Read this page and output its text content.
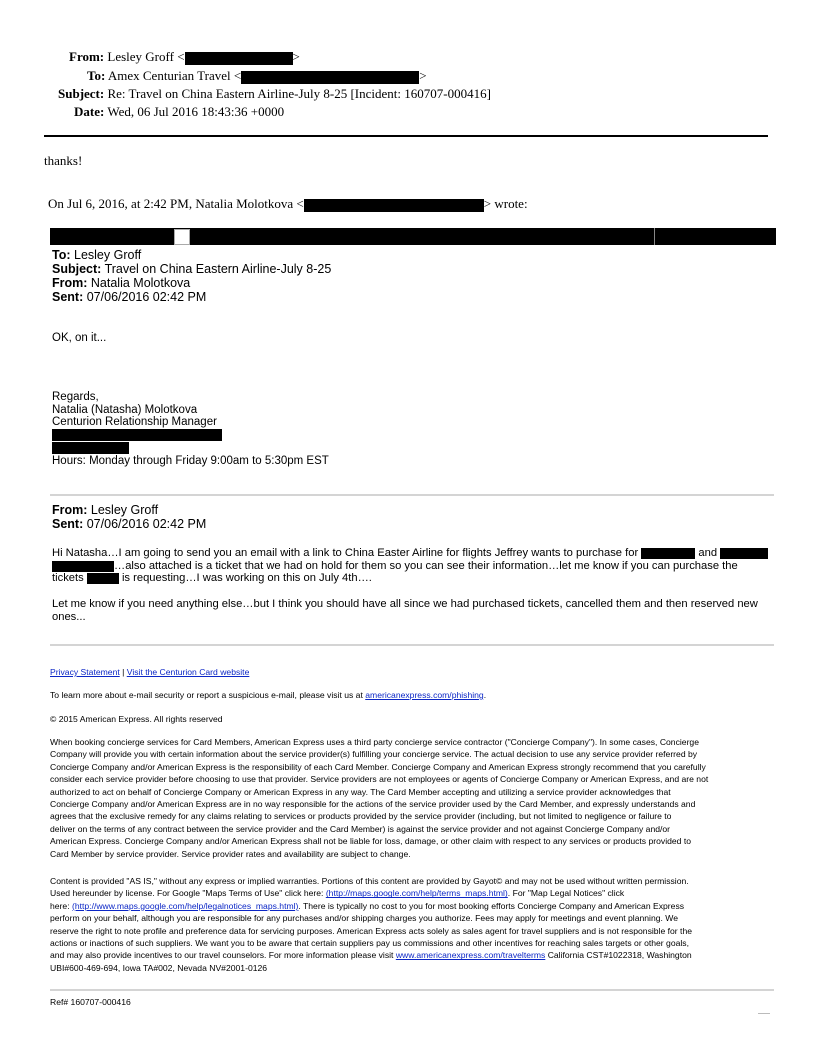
From: Lesley Groff <	>
To: Amex Centurian Travel <	>
Subject: Re: Travel on China Eastern Airline-July 8-25 [Incident: 160707-000416]
Date: Wed, 06 Jul 2016 18:43:36 +0000
thanks!
On Jul 6, 2016, at 2:42 PM, Natalia Molotkova <	> wrote:
To: Lesley Groff
Subject: Travel on China Eastern Airline-July 8-25
From: Natalia Molotkova
Sent: 07/06/2016 02:42 PM
OK, on it...
Regards,
Natalia (Natasha) Molotkova
Centurion Relationship Manager
Hours: Monday through Friday 9:00am to 5:30pm EST
From: Lesley Groff
Sent: 07/06/2016 02:42 PM
Hi Natasha…I am going to send you an email with a link to China Easter Airline for flights Jeffrey wants to purchase for	and
…also attached is a ticket that we had on hold for them so you can see their information…let me know if you can purchase the
tickets	is requesting…I was working on this on July 4th….
Let me know if you need anything else…but I think you should have all since we had purchased tickets, cancelled them and then reserved new
ones...
Privacy Statement | Visit the Centurion Card website
To learn more about e-mail security or report a suspicious e-mail, please visit us at americanexpress.com/phishing.
© 2015 American Express. All rights reserved
When booking concierge services for Card Members, American Express uses a third party concierge service contractor ("Concierge Company"). In some cases, Concierge
Company will provide you with certain information about the service provider(s) fulfilling your concierge service. The actual decision to use any service provider referred by
Concierge Company and/or American Express is the responsibility of each Card Member. Concierge Company and American Express strongly recommend that you carefully
consider each service provider before choosing to use that provider. Service providers are not employees or agents of Concierge Company or American Express, and are not
authorized to act on behalf of Concierge Company or American Express in any way. The Card Member accepting and utilizing a service provider acknowledges that
Concierge Company and/or American Express are in no way responsible for the actions of the service provider used by the Card Member, and expressly understands and
agrees that the exclusive remedy for any claims relating to services or products provided by the service provider (including, but not limited to negligence or failure to
deliver on the terms of any contract between the service provider and the Card Member) is against the service provider and not against Concierge Company and/or
American Express. Concierge Company and/or American Express shall not be liable for loss, damage, or other claim with respect to any services or products provided to
Card Member by service provider. Service provider rates and availability are subject to change.
Content is provided "AS IS," without any express or implied warranties. Portions of this content are provided by Gayot© and may not be used without written permission.
Used hereunder by license. For Google "Maps Terms of Use" click here: (http://maps.google.com/help/terms_maps.html). For "Map Legal Notices" click
here: (http://www.maps.google.com/help/legalnotices_maps.html). There is typically no cost to you for most booking efforts Concierge Company and American Express
perform on your behalf, although you are responsible for any purchases and/or shipping charges you authorize. Fees may apply for meetings and event planning. We
reserve the right to note profile and preference data for servicing purposes. American Express acts solely as sales agent for travel suppliers and is not responsible for the
actions or inactions of such suppliers. We want you to be aware that certain suppliers pay us commissions and other incentives for reaching sales targets or other goals,
and may also provide incentives to our travel counselors. For more information please visit www.americanexpress.com/travelterms California CST#1022318, Washington
UBI#600-469-694, Iowa TA#002, Nevada NV#2001-0126
Ref# 160707-000416
